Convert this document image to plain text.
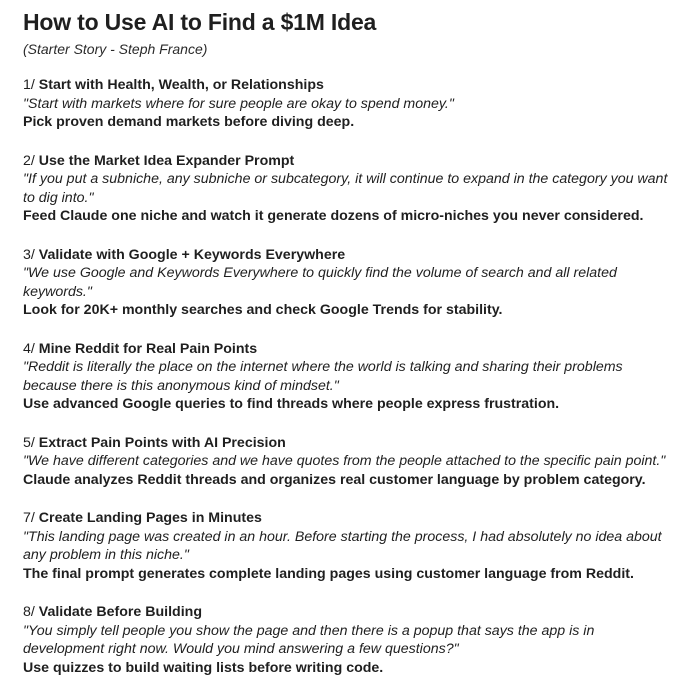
How to Use AI to Find a $1M Idea
(Starter Story - Steph France)
1/ Start with Health, Wealth, or Relationships
"Start with markets where for sure people are okay to spend money."
Pick proven demand markets before diving deep.
2/ Use the Market Idea Expander Prompt
"If you put a subniche, any subniche or subcategory, it will continue to expand in the category you want to dig into."
Feed Claude one niche and watch it generate dozens of micro-niches you never considered.
3/ Validate with Google + Keywords Everywhere
"We use Google and Keywords Everywhere to quickly find the volume of search and all related keywords."
Look for 20K+ monthly searches and check Google Trends for stability.
4/ Mine Reddit for Real Pain Points
"Reddit is literally the place on the internet where the world is talking and sharing their problems because there is this anonymous kind of mindset."
Use advanced Google queries to find threads where people express frustration.
5/ Extract Pain Points with AI Precision
"We have different categories and we have quotes from the people attached to the specific pain point."
Claude analyzes Reddit threads and organizes real customer language by problem category.
7/ Create Landing Pages in Minutes
"This landing page was created in an hour. Before starting the process, I had absolutely no idea about any problem in this niche."
The final prompt generates complete landing pages using customer language from Reddit.
8/ Validate Before Building
"You simply tell people you show the page and then there is a popup that says the app is in development right now. Would you mind answering a few questions?"
Use quizzes to build waiting lists before writing code.
